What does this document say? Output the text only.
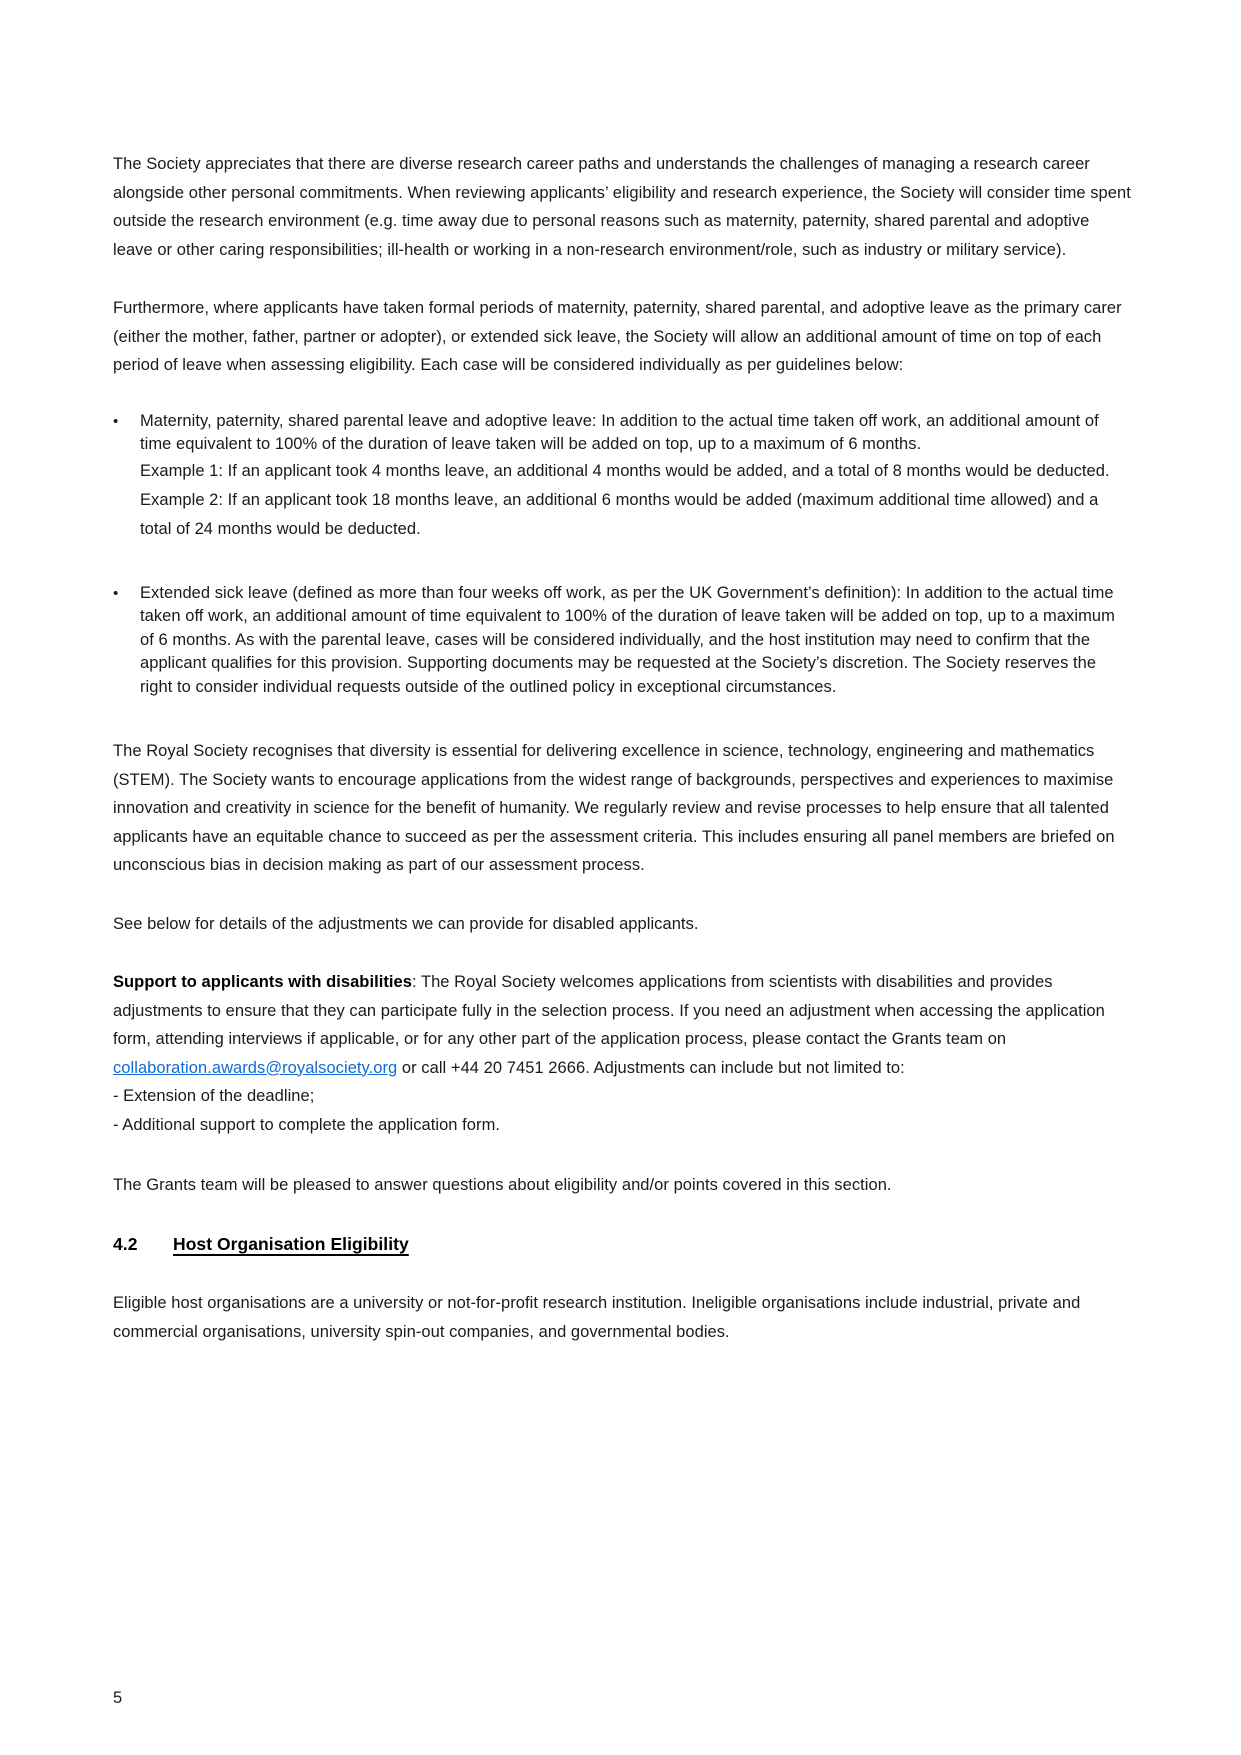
The Society appreciates that there are diverse research career paths and understands the challenges of managing a research career alongside other personal commitments. When reviewing applicants’ eligibility and research experience, the Society will consider time spent outside the research environment (e.g. time away due to personal reasons such as maternity, paternity, shared parental and adoptive leave or other caring responsibilities; ill-health or working in a non-research environment/role, such as industry or military service).

Furthermore, where applicants have taken formal periods of maternity, paternity, shared parental, and adoptive leave as the primary carer (either the mother, father, partner or adopter), or extended sick leave, the Society will allow an additional amount of time on top of each period of leave when assessing eligibility. Each case will be considered individually as per guidelines below:

•	Maternity, paternity, shared parental leave and adoptive leave: In addition to the actual time taken off work, an additional amount of time equivalent to 100% of the duration of leave taken will be added on top, up to a maximum of 6 months.
Example 1: If an applicant took 4 months leave, an additional 4 months would be added, and a total of 8 months would be deducted.
Example 2: If an applicant took 18 months leave, an additional 6 months would be added (maximum additional time allowed) and a total of 24 months would be deducted.
•	Extended sick leave (defined as more than four weeks off work, as per the UK Government’s definition): In addition to the actual time taken off work, an additional amount of time equivalent to 100% of the duration of leave taken will be added on top, up to a maximum of 6 months. As with the parental leave, cases will be considered individually, and the host institution may need to confirm that the applicant qualifies for this provision. Supporting documents may be requested at the Society’s discretion. The Society reserves the right to consider individual requests outside of the outlined policy in exceptional circumstances.

The Royal Society recognises that diversity is essential for delivering excellence in science, technology, engineering and mathematics (STEM). The Society wants to encourage applications from the widest range of backgrounds, perspectives and experiences to maximise innovation and creativity in science for the benefit of humanity. We regularly review and revise processes to help ensure that all talented applicants have an equitable chance to succeed as per the assessment criteria. This includes ensuring all panel members are briefed on unconscious bias in decision making as part of our assessment process.

See below for details of the adjustments we can provide for disabled applicants.

Support to applicants with disabilities: The Royal Society welcomes applications from scientists with disabilities and provides adjustments to ensure that they can participate fully in the selection process. If you need an adjustment when accessing the application form, attending interviews if applicable, or for any other part of the application process, please contact the Grants team on collaboration.awards@royalsociety.org or call +44 20 7451 2666. Adjustments can include but not limited to:
- Extension of the deadline;
- Additional support to complete the application form.

The Grants team will be pleased to answer questions about eligibility and/or points covered in this section.

4.2	Host Organisation Eligibility

Eligible host organisations are a university or not-for-profit research institution. Ineligible organisations include industrial, private and commercial organisations, university spin-out companies, and governmental bodies.

5
